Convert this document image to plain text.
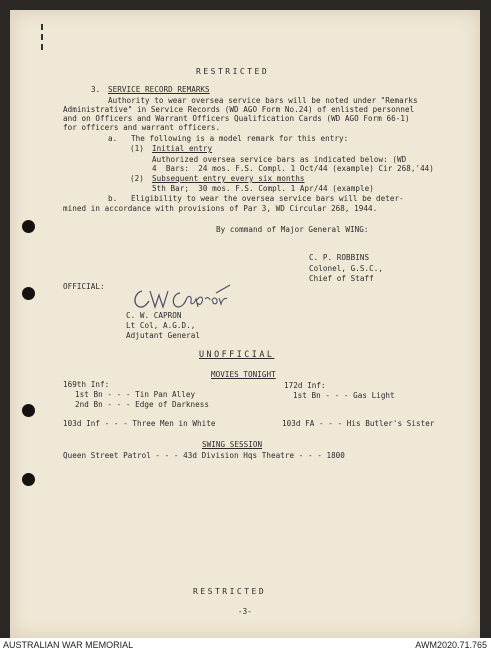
RESTRICTED
3. SERVICE RECORD REMARKS
Authority to wear oversea service bars will be noted under "Remarks
Administrative" in Service Records (WD AGO Form No.24) of enlisted personnel
and on Officers and Warrant Officers Qualification Cards (WD AGO Form 66-1)
for officers and warrant officers.
a. The following is a model remark for this entry:
(1) Initial entry
Authorized oversea service bars as indicated below: (WD
4  Bars:  24 mos. F.S. Compl. 1 Oct/44 (example) Cir 268,'44)
(2) Subsequent entry every six months
5th Bar;  30 mos. F.S. Compl. 1 Apr/44 (example)
b. Eligibility to wear the oversea service bars will be deter-
mined in accordance with provisions of Par 3, WD Circular 268, 1944.
By command of Major General WING:
C. P. ROBBINS
Colonel, G.S.C.,
Chief of Staff
OFFICIAL:
C. W. CAPRON
Lt Col, A.G.D.,
Adjutant General
UNOFFICIAL
MOVIES TONIGHT
169th Inf:
1st Bn - - - Tin Pan Alley
2nd Bn - - - Edge of Darkness
172d Inf:
1st Bn - - - Gas Light
103d Inf - - - Three Men in White	103d FA - - - His Butler's Sister
SWING SESSION
Queen Street Patrol - - - 43d Division Hqs Theatre - - - 1800
RESTRICTED
-3-
AUSTRALIAN WAR MEMORIAL	AWM2020.71.765
